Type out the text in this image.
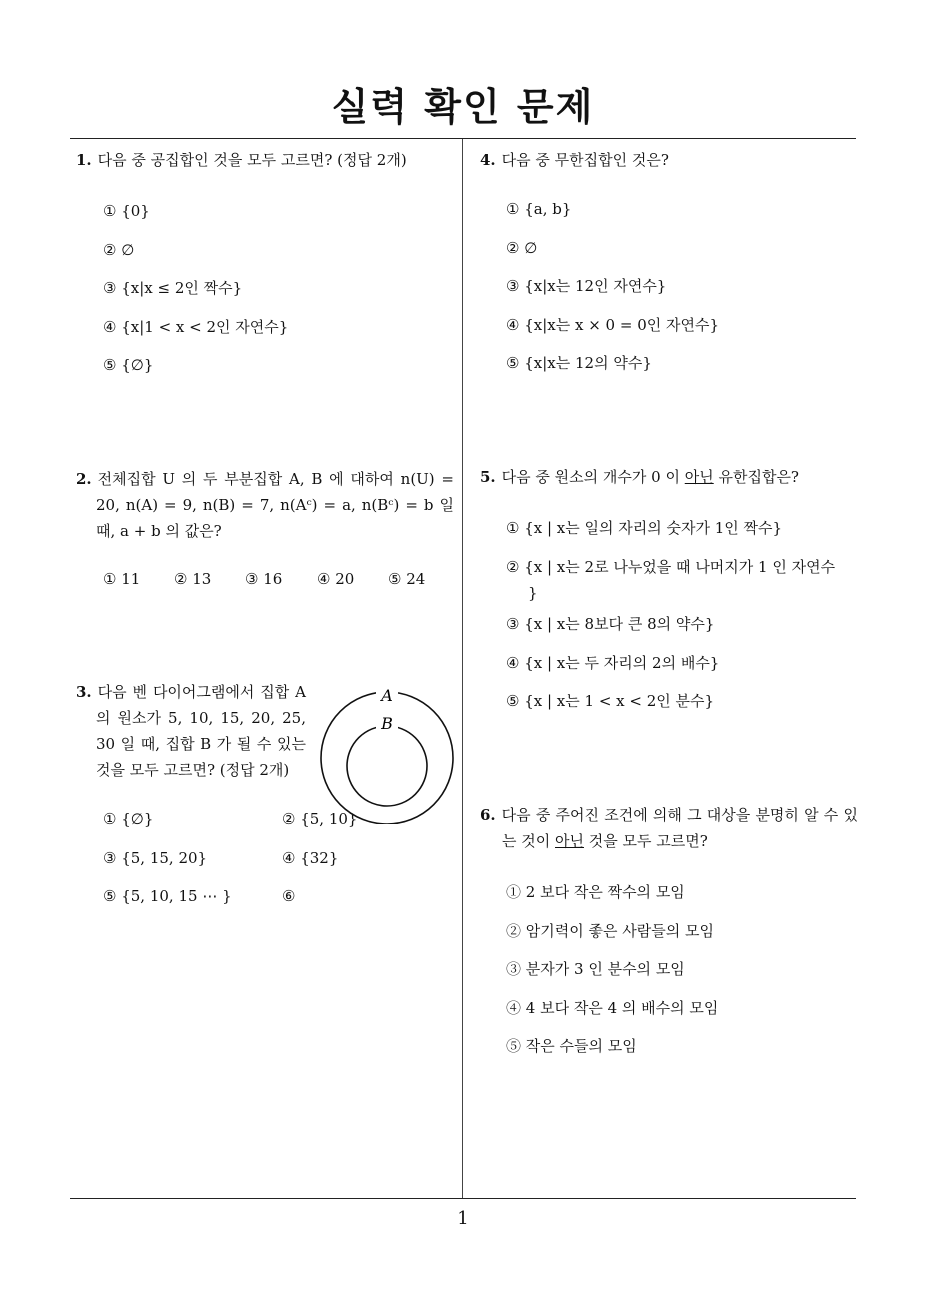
실력 확인 문제
1
1. 다음 중 공집합인 것을 모두 고르면? (정답 2개)
① {0}
② ∅
③ {x|x ≤ 2인 짝수}
④ {x|1 < x < 2인 자연수}
⑤ {∅}
2. 전체집합 U 의 두 부분집합 A, B 에 대하여 n(U) = 20, n(A) = 9, n(B) = 7, n(Aᶜ) = a, n(Bᶜ) = b 일 때, a + b 의 값은?
① 11 ② 13 ③ 16 ④ 20 ⑤ 24
3. 다음 벤 다이어그램에서 집합 A 의 원소가 5, 10, 15, 20, 25, 30 일 때, 집합 B 가 될 수 있는 것을 모두 고르면? (정답 2개)
A
B
① {∅}	② {5, 10}
③ {5, 15, 20}	④ {32}
⑤ {5, 10, 15 ⋯ }	⑥
4. 다음 중 무한집합인 것은?
① {a, b}
② ∅
③ {x|x는 12인 자연수}
④ {x|x는 x × 0 = 0인 자연수}
⑤ {x|x는 12의 약수}
5. 다음 중 원소의 개수가 0 이 아닌 유한집합은?
① {x | x는 일의 자리의 숫자가 1인 짝수}
② {x | x는 2로 나누었을 때 나머지가 1 인 자연수
}
③ {x | x는 8보다 큰 8의 약수}
④ {x | x는 두 자리의 2의 배수}
⑤ {x | x는 1 < x < 2인 분수}
6. 다음 중 주어진 조건에 의해 그 대상을 분명히 알 수 있는 것이 아닌 것을 모두 고르면?
① 2 보다 작은 짝수의 모임
② 암기력이 좋은 사람들의 모임
③ 분자가 3 인 분수의 모임
④ 4 보다 작은 4 의 배수의 모임
⑤ 작은 수들의 모임
